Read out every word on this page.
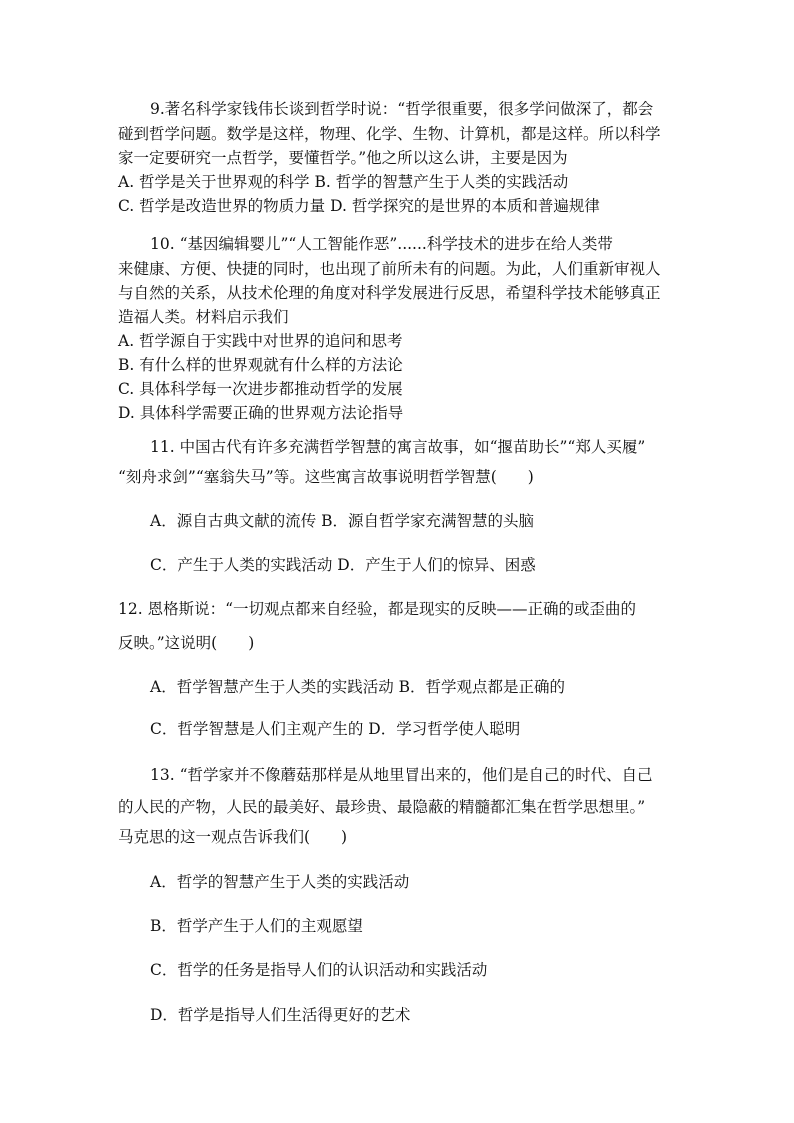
9.著名科学家钱伟长谈到哲学时说：“哲学很重要，很多学问做深了，都会
碰到哲学问题。数学是这样，物理、化学、生物、计算机，都是这样。所以科学
家一定要研究一点哲学，要懂哲学。”他之所以这么讲，主要是因为
A. 哲学是关于世界观的科学 B. 哲学的智慧产生于人类的实践活动
C. 哲学是改造世界的物质力量 D. 哲学探究的是世界的本质和普遍规律
10. “基因编辑婴儿”“人工智能作恶”......科学技术的进步在给人类带
来健康、方便、快捷的同时，也出现了前所未有的问题。为此，人们重新审视人
与自然的关系，从技术伦理的角度对科学发展进行反思，希望科学技术能够真正
造福人类。材料启示我们
A. 哲学源自于实践中对世界的追问和思考
B. 有什么样的世界观就有什么样的方法论
C. 具体科学每一次进步都推动哲学的发展
D. 具体科学需要正确的世界观方法论指导
11. 中国古代有许多充满哲学智慧的寓言故事，如“揠苗助长”“郑人买履”
“刻舟求剑”“塞翁失马”等。这些寓言故事说明哲学智慧(　　)
A．源自古典文献的流传 B．源自哲学家充满智慧的头脑
C．产生于人类的实践活动 D．产生于人们的惊异、困惑
12. 恩格斯说：“一切观点都来自经验，都是现实的反映——正确的或歪曲的
反映。”这说明(　　)
A．哲学智慧产生于人类的实践活动 B．哲学观点都是正确的
C．哲学智慧是人们主观产生的 D．学习哲学使人聪明
13. “哲学家并不像蘑菇那样是从地里冒出来的，他们是自己的时代、自己
的人民的产物，人民的最美好、最珍贵、最隐蔽的精髓都汇集在哲学思想里。”
马克思的这一观点告诉我们(　　)
A．哲学的智慧产生于人类的实践活动
B．哲学产生于人们的主观愿望
C．哲学的任务是指导人们的认识活动和实践活动
D．哲学是指导人们生活得更好的艺术
